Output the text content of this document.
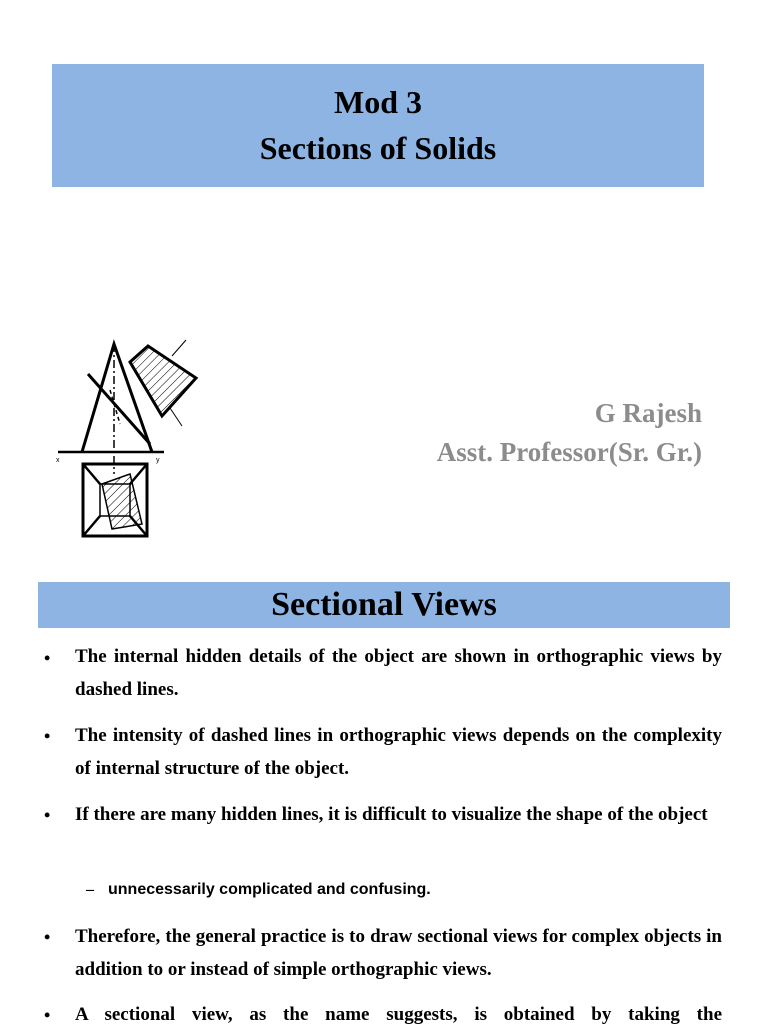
Mod 3
Sections of Solids
x	y
G Rajesh
Asst. Professor(Sr. Gr.)
Sectional Views
• The internal hidden details of the object are shown in orthographic views by dashed lines.
• The intensity of dashed lines in orthographic views depends on the complexity of internal structure of the object.
• If there are many hidden lines, it is difficult to visualize the shape of the object
– unnecessarily complicated and confusing.
• Therefore, the general practice is to draw sectional views for complex objects in addition to or instead of simple orthographic views.
• A sectional view, as the name suggests, is obtained by taking the
